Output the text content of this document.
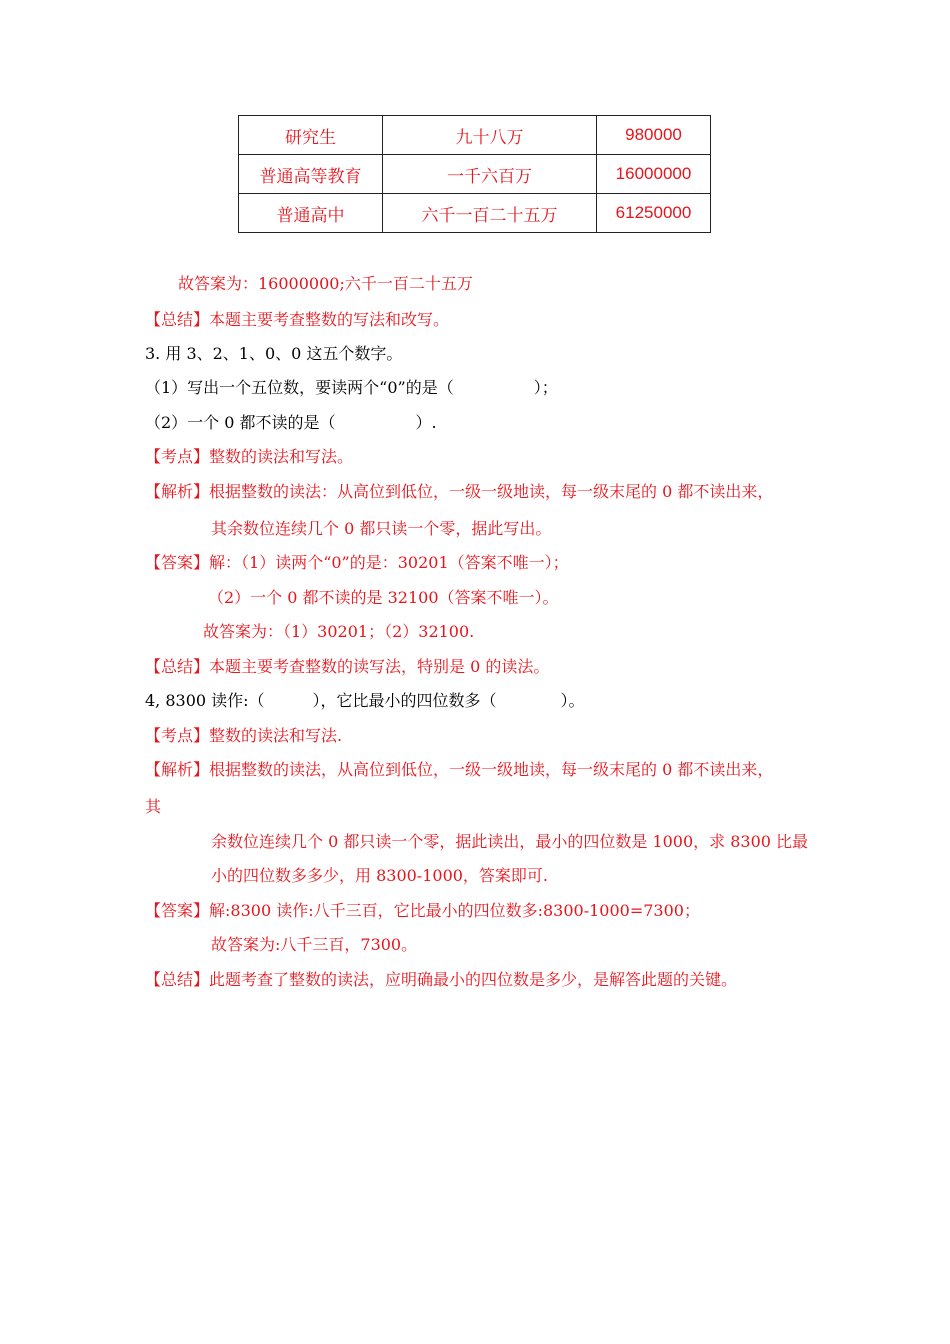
研究生	九十八万	980000
普通高等教育	一千六百万	16000000
普通高中	六千一百二十五万	61250000
故答案为：16000000;六千一百二十五万
【总结】本题主要考查整数的写法和改写。
3. 用 3、2、1、0、0 这五个数字。
（1）写出一个五位数，要读两个“0”的是（　　　　　）；
（2）一个 0 都不读的是（　　　　　）.
【考点】整数的读法和写法。
【解析】根据整数的读法：从高位到低位，一级一级地读，每一级末尾的 0 都不读出来，
其余数位连续几个 0 都只读一个零，据此写出。
【答案】解：（1）读两个“0”的是：30201（答案不唯一）；
（2）一个 0 都不读的是 32100（答案不唯一）。
故答案为：（1）30201；（2）32100.
【总结】本题主要考查整数的读写法，特别是 0 的读法。
4, 8300 读作:（　　　），它比最小的四位数多（　　　　）。
【考点】整数的读法和写法.
【解析】根据整数的读法，从高位到低位，一级一级地读，每一级末尾的 0 都不读出来，
其
余数位连续几个 0 都只读一个零，据此读出，最小的四位数是 1000，求 8300 比最
小的四位数多多少，用 8300-1000，答案即可.
【答案】解:8300 读作:八千三百，它比最小的四位数多:8300-1000=7300；
故答案为:八千三百，7300。
【总结】此题考查了整数的读法，应明确最小的四位数是多少，是解答此题的关键。
